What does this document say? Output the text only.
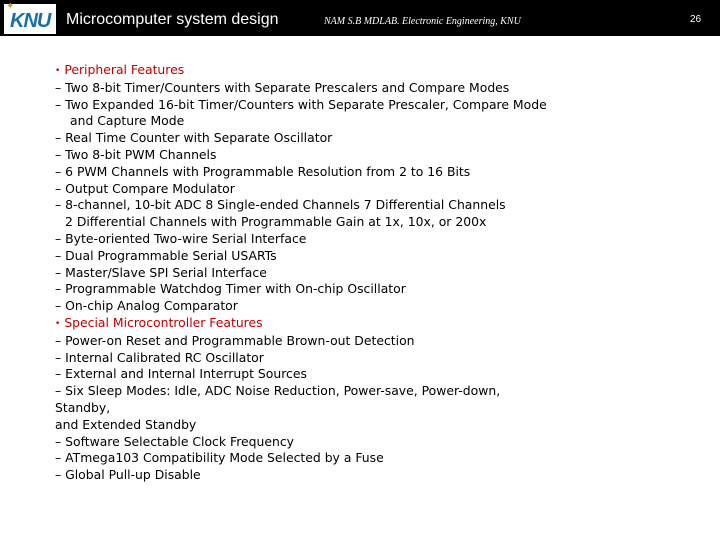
✦
KNU Microcomputer system design	NAM S.B MDLAB. Electronic Engineering, KNU	26
• Peripheral Features
– Two 8-bit Timer/Counters with Separate Prescalers and Compare Modes
– Two Expanded 16-bit Timer/Counters with Separate Prescaler, Compare Mode
and Capture Mode
– Real Time Counter with Separate Oscillator
– Two 8-bit PWM Channels
– 6 PWM Channels with Programmable Resolution from 2 to 16 Bits
– Output Compare Modulator
– 8-channel, 10-bit ADC 8 Single-ended Channels 7 Differential Channels
2 Differential Channels with Programmable Gain at 1x, 10x, or 200x
– Byte-oriented Two-wire Serial Interface
– Dual Programmable Serial USARTs
– Master/Slave SPI Serial Interface
– Programmable Watchdog Timer with On-chip Oscillator
– On-chip Analog Comparator
• Special Microcontroller Features
– Power-on Reset and Programmable Brown-out Detection
– Internal Calibrated RC Oscillator
– External and Internal Interrupt Sources
– Six Sleep Modes: Idle, ADC Noise Reduction, Power-save, Power-down,
Standby,
and Extended Standby
– Software Selectable Clock Frequency
– ATmega103 Compatibility Mode Selected by a Fuse
– Global Pull-up Disable
